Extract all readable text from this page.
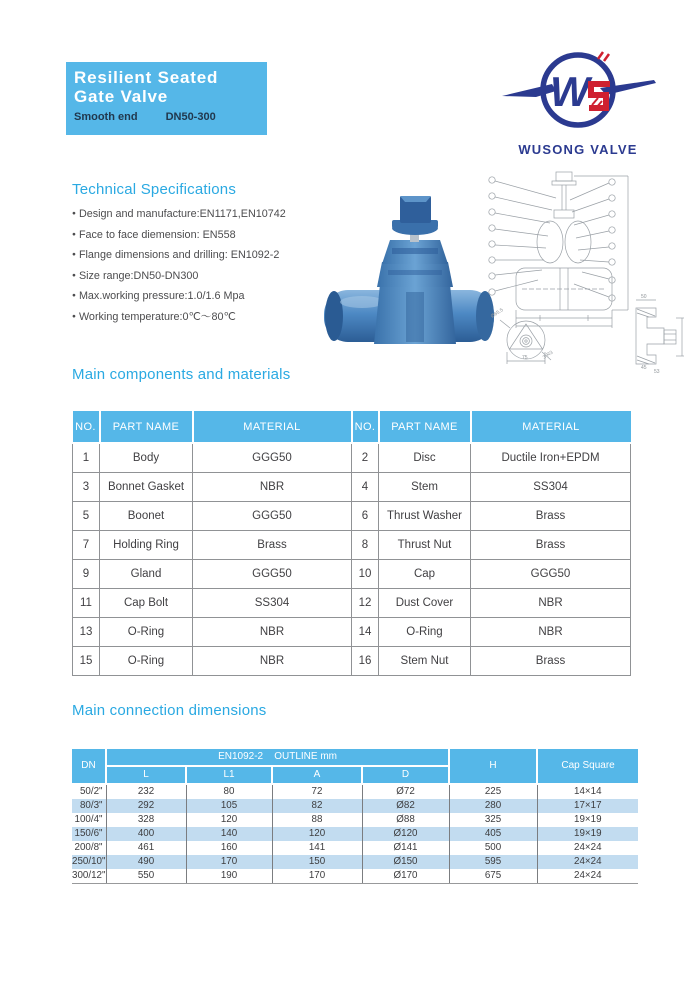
Resilient Seated
Gate Valve
Smooth end	DN50-300
W
WUSONG VALVE
Technical Specifications
● Design and manufacture:EN1171,EN10742
● Face to face diemension: EN558
● Flange dimensions and drilling: EN1092-2
● Size range:DN50-DN300
● Max.working pressure:1.0/1.6 Mpa
● Working temperature:0℃～80℃	Ø65.5
3-R3
75
50
45
53
Main components and materials
NO.	PART NAME	MATERIAL	NO.	PART NAME	MATERIAL
1	Body	GGG50	2	Disc	Ductile Iron+EPDM
3	Bonnet Gasket	NBR	4	Stem	SS304
5	Boonet	GGG50	6	Thrust Washer	Brass
7	Holding Ring	Brass	8	Thrust Nut	Brass
9	Gland	GGG50	10	Cap	GGG50
11	Cap Bolt	SS304	12	Dust Cover	NBR
13	O-Ring	NBR	14	O-Ring	NBR
15	O-Ring	NBR	16	Stem Nut	Brass
Main connection dimensions
DN	EN1092-2    OUTLINE mm				H	Cap Square
	L	L1	A	D		
50/2"	232	80	72	Ø72	225	14×14
80/3"	292	105	82	Ø82	280	17×17
100/4"	328	120	88	Ø88	325	19×19
150/6"	400	140	120	Ø120	405	19×19
200/8"	461	160	141	Ø141	500	24×24
250/10"	490	170	150	Ø150	595	24×24
300/12"	550	190	170	Ø170	675	24×24
